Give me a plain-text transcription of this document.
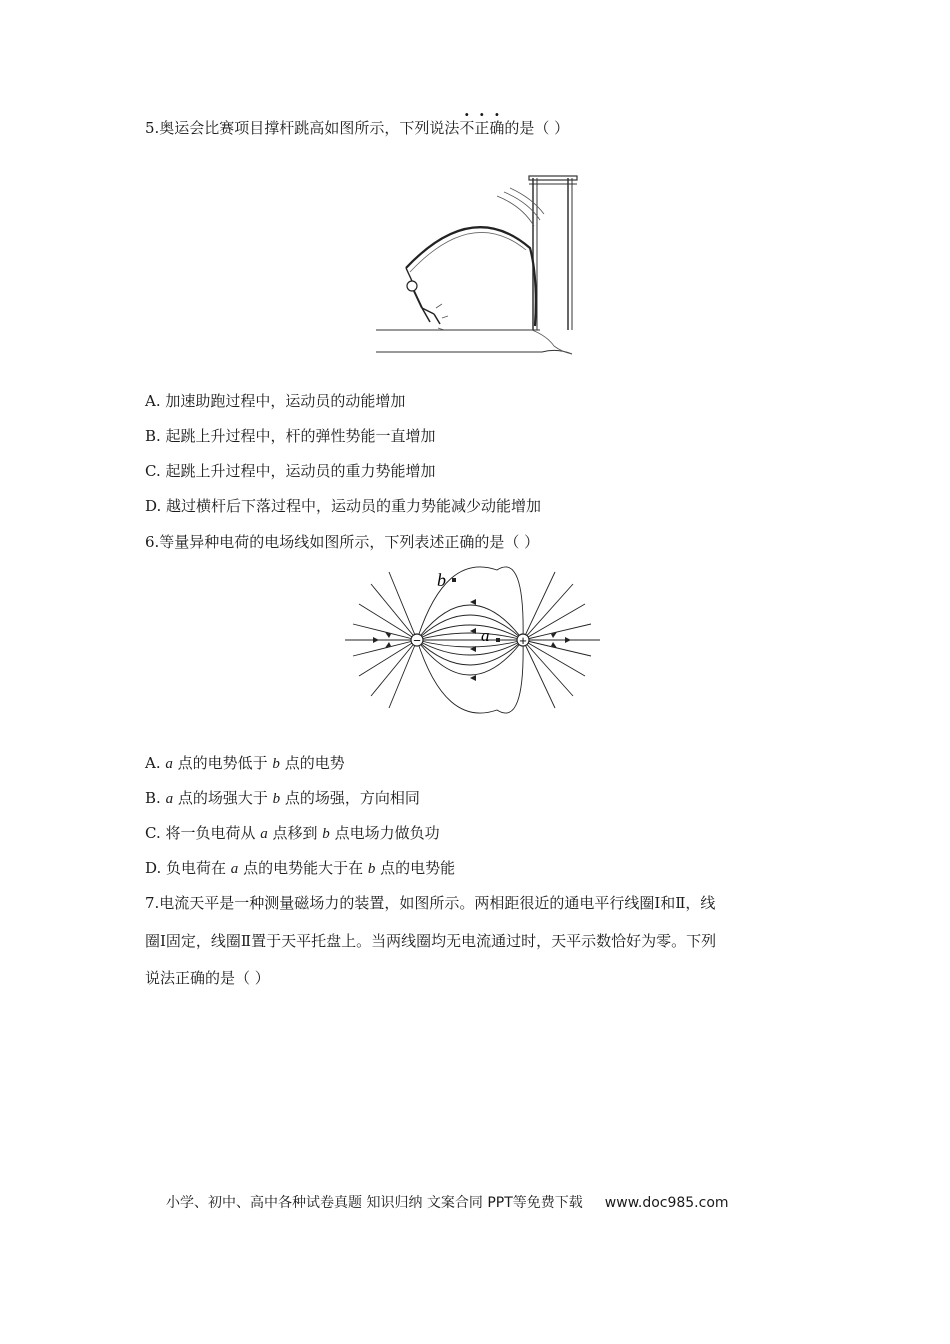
5.奥运会比赛项目撑杆跳高如图所示，下列说法不正确的是（ ）
A. 加速助跑过程中，运动员的动能增加
B. 起跳上升过程中，杆的弹性势能一直增加
C. 起跳上升过程中，运动员的重力势能增加
D. 越过横杆后下落过程中，运动员的重力势能减少动能增加
6.等量异种电荷的电场线如图所示，下列表述正确的是（ ）
−	+
b
a
A. a 点的电势低于 b 点的电势
B. a 点的场强大于 b 点的场强，方向相同
C. 将一负电荷从 a 点移到 b 点电场力做负功
D. 负电荷在 a 点的电势能大于在 b 点的电势能
7.电流天平是一种测量磁场力的装置，如图所示。两相距很近的通电平行线圈Ⅰ和Ⅱ，线
圈Ⅰ固定，线圈Ⅱ置于天平托盘上。当两线圈均无电流通过时，天平示数恰好为零。下列
说法正确的是（ ）
小学、初中、高中各种试卷真题 知识归纳 文案合同 PPT等免费下载 www.doc985.com
